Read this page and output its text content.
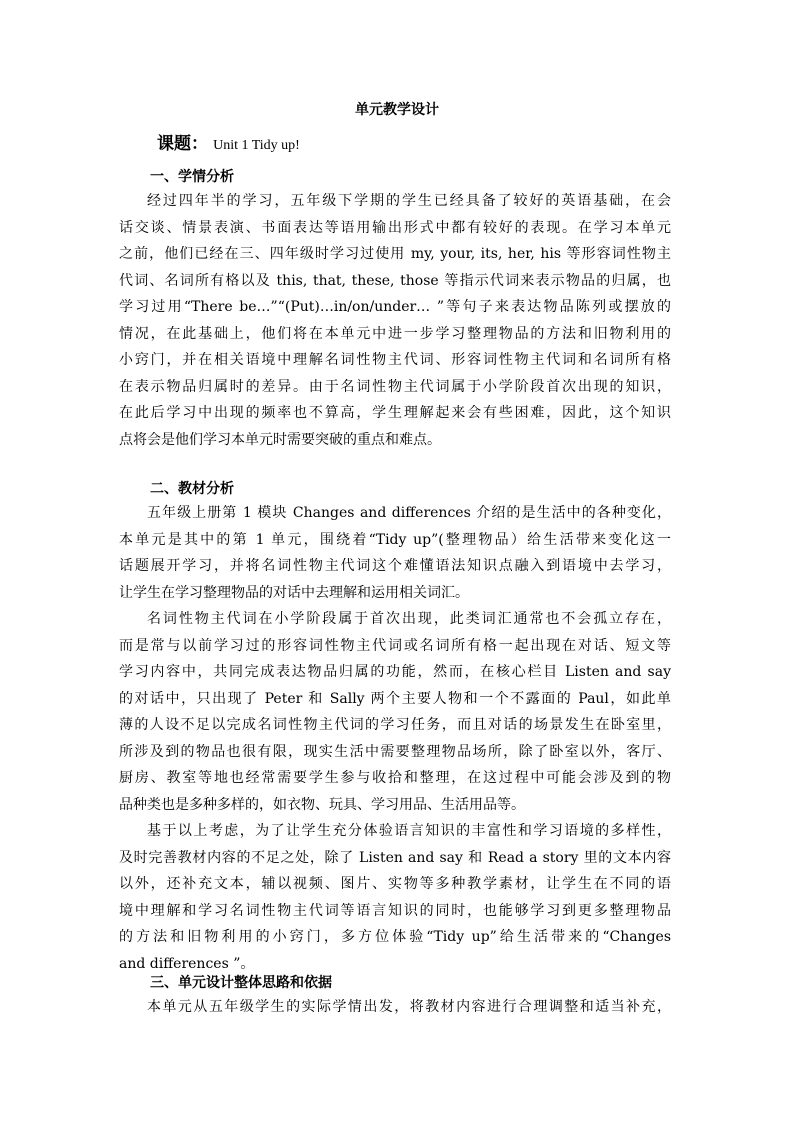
单元教学设计
课题： Unit 1 Tidy up!
一、学情分析
经过四年半的学习，五年级下学期的学生已经具备了较好的英语基础，在会
话交谈、情景表演、书面表达等语用输出形式中都有较好的表现。在学习本单元
之前，他们已经在三、四年级时学习过使用 my, your, its, her, his 等形容词性物主
代词、名词所有格以及 this, that, these, those 等指示代词来表示物品的归属，也
学习过用“There be…”“(Put)…in/on/under… ”等句子来表达物品陈列或摆放的
情况，在此基础上，他们将在本单元中进一步学习整理物品的方法和旧物利用的
小窍门，并在相关语境中理解名词性物主代词、形容词性物主代词和名词所有格
在表示物品归属时的差异。由于名词性物主代词属于小学阶段首次出现的知识，
在此后学习中出现的频率也不算高，学生理解起来会有些困难，因此，这个知识
点将会是他们学习本单元时需要突破的重点和难点。
二、教材分析
五年级上册第 1 模块 Changes and differences 介绍的是生活中的各种变化，
本单元是其中的第 1 单元，围绕着“Tidy up”(整理物品）给生活带来变化这一
话题展开学习，并将名词性物主代词这个难懂语法知识点融入到语境中去学习，
让学生在学习整理物品的对话中去理解和运用相关词汇。
名词性物主代词在小学阶段属于首次出现，此类词汇通常也不会孤立存在，
而是常与以前学习过的形容词性物主代词或名词所有格一起出现在对话、短文等
学习内容中，共同完成表达物品归属的功能，然而，在核心栏目 Listen and say
的对话中，只出现了 Peter 和 Sally 两个主要人物和一个不露面的 Paul，如此单
薄的人设不足以完成名词性物主代词的学习任务，而且对话的场景发生在卧室里，
所涉及到的物品也很有限，现实生活中需要整理物品场所，除了卧室以外，客厅、
厨房、教室等地也经常需要学生参与收拾和整理，在这过程中可能会涉及到的物
品种类也是多种多样的，如衣物、玩具、学习用品、生活用品等。
基于以上考虑，为了让学生充分体验语言知识的丰富性和学习语境的多样性，
及时完善教材内容的不足之处，除了 Listen and say 和 Read a story 里的文本内容
以外，还补充文本，辅以视频、图片、实物等多种教学素材，让学生在不同的语
境中理解和学习名词性物主代词等语言知识的同时，也能够学习到更多整理物品
的方法和旧物利用的小窍门，多方位体验“Tidy up”给生活带来的“Changes
and differences ”。
三、单元设计整体思路和依据
本单元从五年级学生的实际学情出发，将教材内容进行合理调整和适当补充，
